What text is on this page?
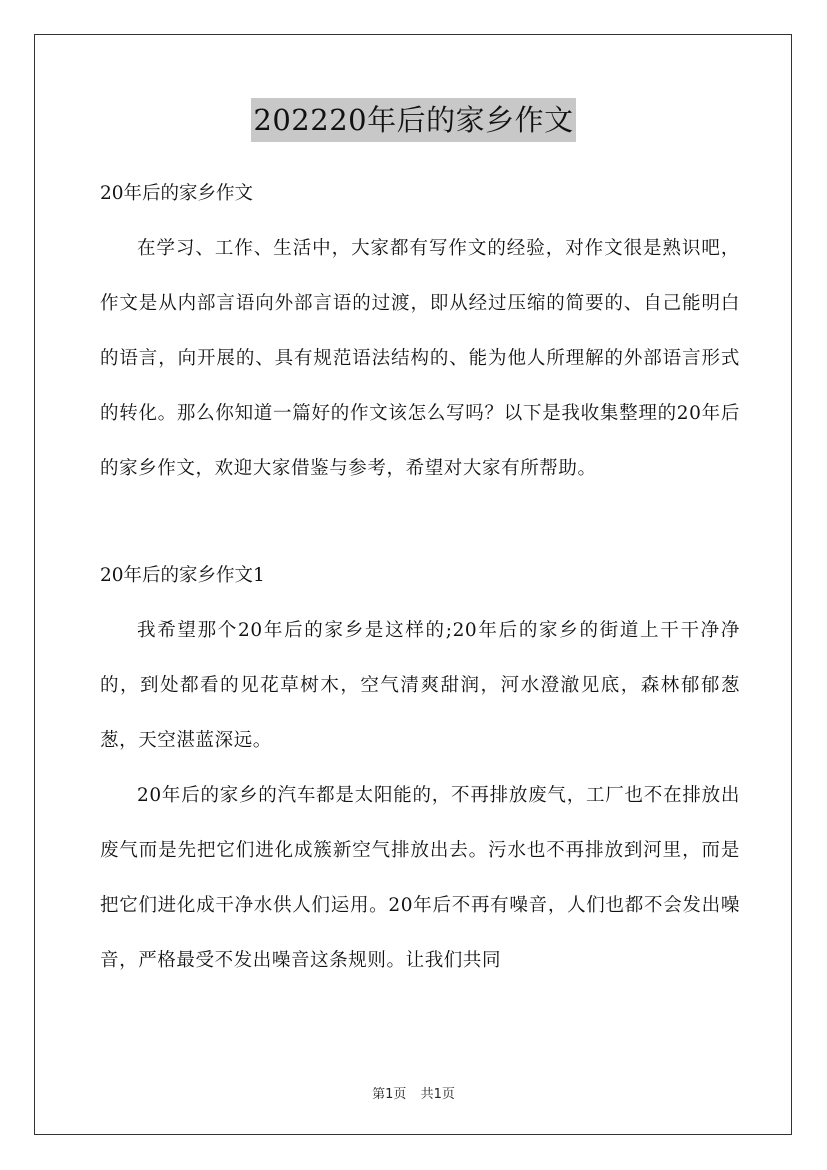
202220年后的家乡作文

20年后的家乡作文

在学习、工作、生活中，大家都有写作文的经验，对作文很是熟识吧，作文是从内部言语向外部言语的过渡，即从经过压缩的简要的、自己能明白的语言，向开展的、具有规范语法结构的、能为他人所理解的外部语言形式的转化。那么你知道一篇好的作文该怎么写吗？以下是我收集整理的20年后的家乡作文，欢迎大家借鉴与参考，希望对大家有所帮助。

20年后的家乡作文1

我希望那个20年后的家乡是这样的;20年后的家乡的街道上干干净净的，到处都看的见花草树木，空气清爽甜润，河水澄澈见底，森林郁郁葱葱，天空湛蓝深远。

20年后的家乡的汽车都是太阳能的，不再排放废气，工厂也不在排放出废气而是先把它们进化成簇新空气排放出去。污水也不再排放到河里，而是把它们进化成干净水供人们运用。20年后不再有噪音，人们也都不会发出噪音，严格最受不发出噪音这条规则。让我们共同

第1页 共1页
